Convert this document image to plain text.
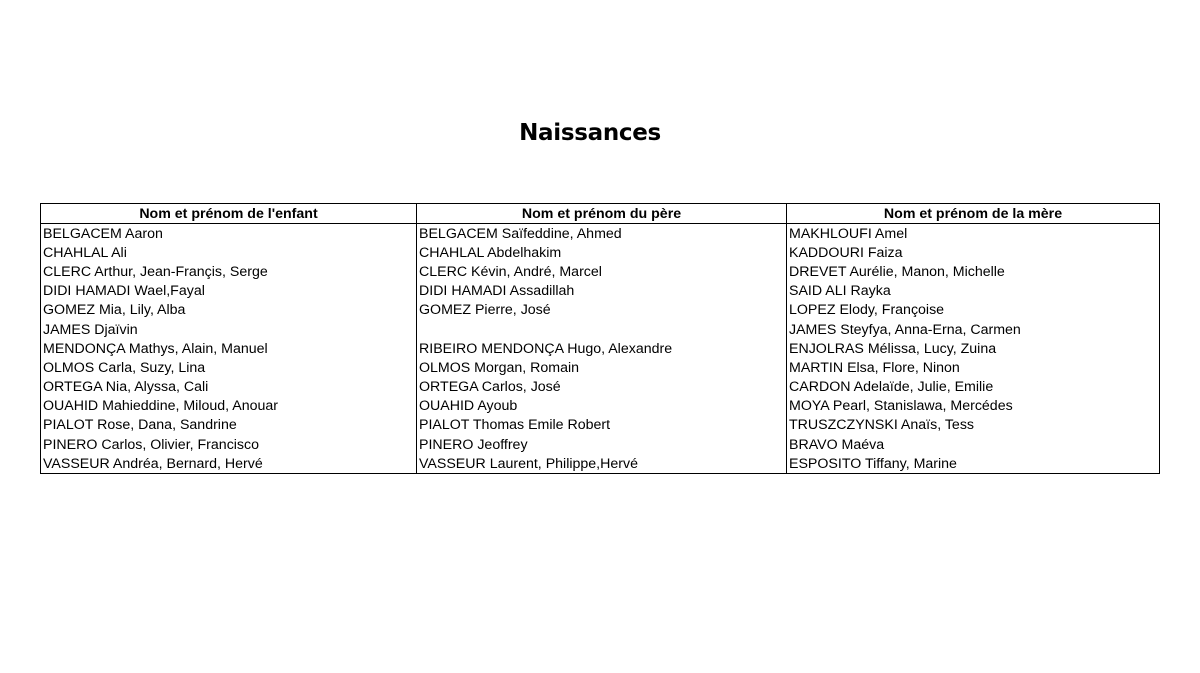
Naissances
Nom et prénom de l'enfant	Nom et prénom du père	Nom et prénom de la mère
BELGACEM Aaron	BELGACEM Saïfeddine, Ahmed	MAKHLOUFI Amel
CHAHLAL Ali	CHAHLAL Abdelhakim	KADDOURI Faiza
CLERC Arthur, Jean-Françis, Serge	CLERC Kévin, André, Marcel	DREVET Aurélie, Manon, Michelle
DIDI HAMADI Wael,Fayal	DIDI HAMADI Assadillah	SAID ALI Rayka
GOMEZ Mia, Lily, Alba	GOMEZ Pierre, José	LOPEZ Elody, Françoise
JAMES Djaïvin		JAMES Steyfya, Anna-Erna, Carmen
MENDONÇA Mathys, Alain, Manuel	RIBEIRO MENDONÇA Hugo, Alexandre	ENJOLRAS Mélissa, Lucy, Zuina
OLMOS Carla, Suzy, Lina	OLMOS Morgan, Romain	MARTIN Elsa, Flore, Ninon
ORTEGA Nia, Alyssa, Cali	ORTEGA Carlos, José	CARDON Adelaïde, Julie, Emilie
OUAHID Mahieddine, Miloud, Anouar	OUAHID Ayoub	MOYA Pearl, Stanislawa, Mercédes
PIALOT Rose, Dana, Sandrine	PIALOT Thomas Emile Robert	TRUSZCZYNSKI Anaïs, Tess
PINERO Carlos, Olivier, Francisco	PINERO Jeoffrey	BRAVO Maéva
VASSEUR Andréa, Bernard, Hervé	VASSEUR Laurent, Philippe,Hervé	ESPOSITO Tiffany, Marine
